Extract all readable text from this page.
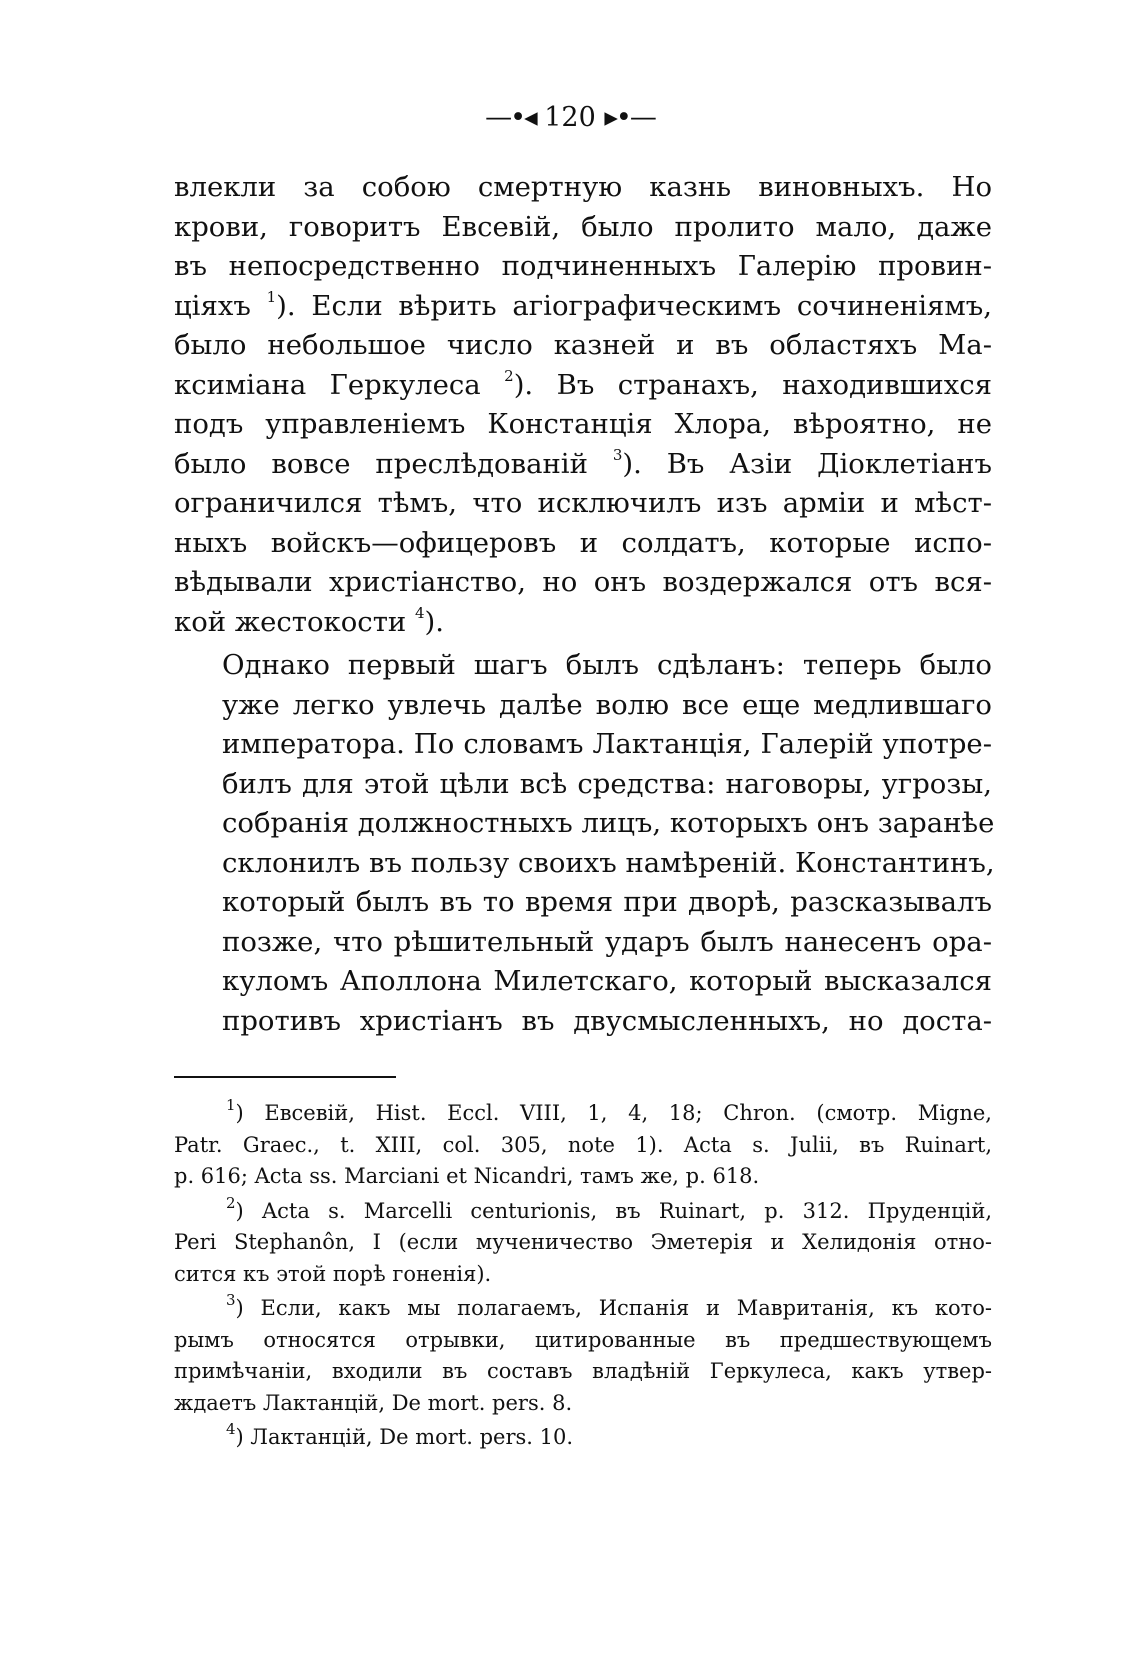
—•◂ 120 ▸•—

влекли за собою смертную казнь виновныхъ. Но
крови, говоритъ Евсевій, было пролито мало, даже
въ непосредственно подчиненныхъ Галерію провин-
ціяхъ $^1$). Если вѣрить агіографическимъ сочиненіямъ,
было небольшое число казней и въ областяхъ Ма-
ксиміана Геркулеса $^2$). Въ странахъ, находившихся
подъ управленіемъ Констанція Хлора, вѣроятно, не
было вовсе преслѣдованій $^3$). Въ Азіи Діоклетіанъ
ограничился тѣмъ, что исключилъ изъ арміи и мѣст-
ныхъ войскъ—офицеровъ и солдатъ, которые испо-
вѣдывали христіанство, но онъ воздержался отъ вся-
кой жестокости $^4$).

Однако первый шагъ былъ сдѣланъ: теперь было
уже легко увлечь далѣе волю все еще медлившаго
императора. По словамъ Лактанція, Галерій употре-
билъ для этой цѣли всѣ средства: наговоры, угрозы,
собранія должностныхъ лицъ, которыхъ онъ заранѣе
склонилъ въ пользу своихъ намѣреній. Константинъ,
который былъ въ то время при дворѣ, разсказывалъ
позже, что рѣшительный ударъ былъ нанесенъ ора-
куломъ Аполлона Милетскаго, который высказался
противъ христіанъ въ двусмысленныхъ, но доста-

$^1$) Евсевій, Hist. Eccl. VIII, 1, 4, 18; Chron. (смотр. Migne,
Patr. Graec., t. XIII, col. 305, note 1). Acta s. Julii, въ Ruinart,
p. 616; Acta ss. Marciani et Nicandri, тамъ же, p. 618.
$^2$) Acta s. Marcelli centurionis, въ Ruinart, p. 312. Пруденцій,
Peri Stephanôn, I (если мученичество Эметерія и Хелидонія отно-
сится къ этой порѣ гоненія).
$^3$) Если, какъ мы полагаемъ, Испанія и Мавританія, къ кото-
рымъ относятся отрывки, цитированные въ предшествующемъ
примѣчаніи, входили въ составъ владѣній Геркулеса, какъ утвер-
ждаетъ Лактанцій, De mort. pers. 8.
$^4$) Лактанцій, De mort. pers. 10.
